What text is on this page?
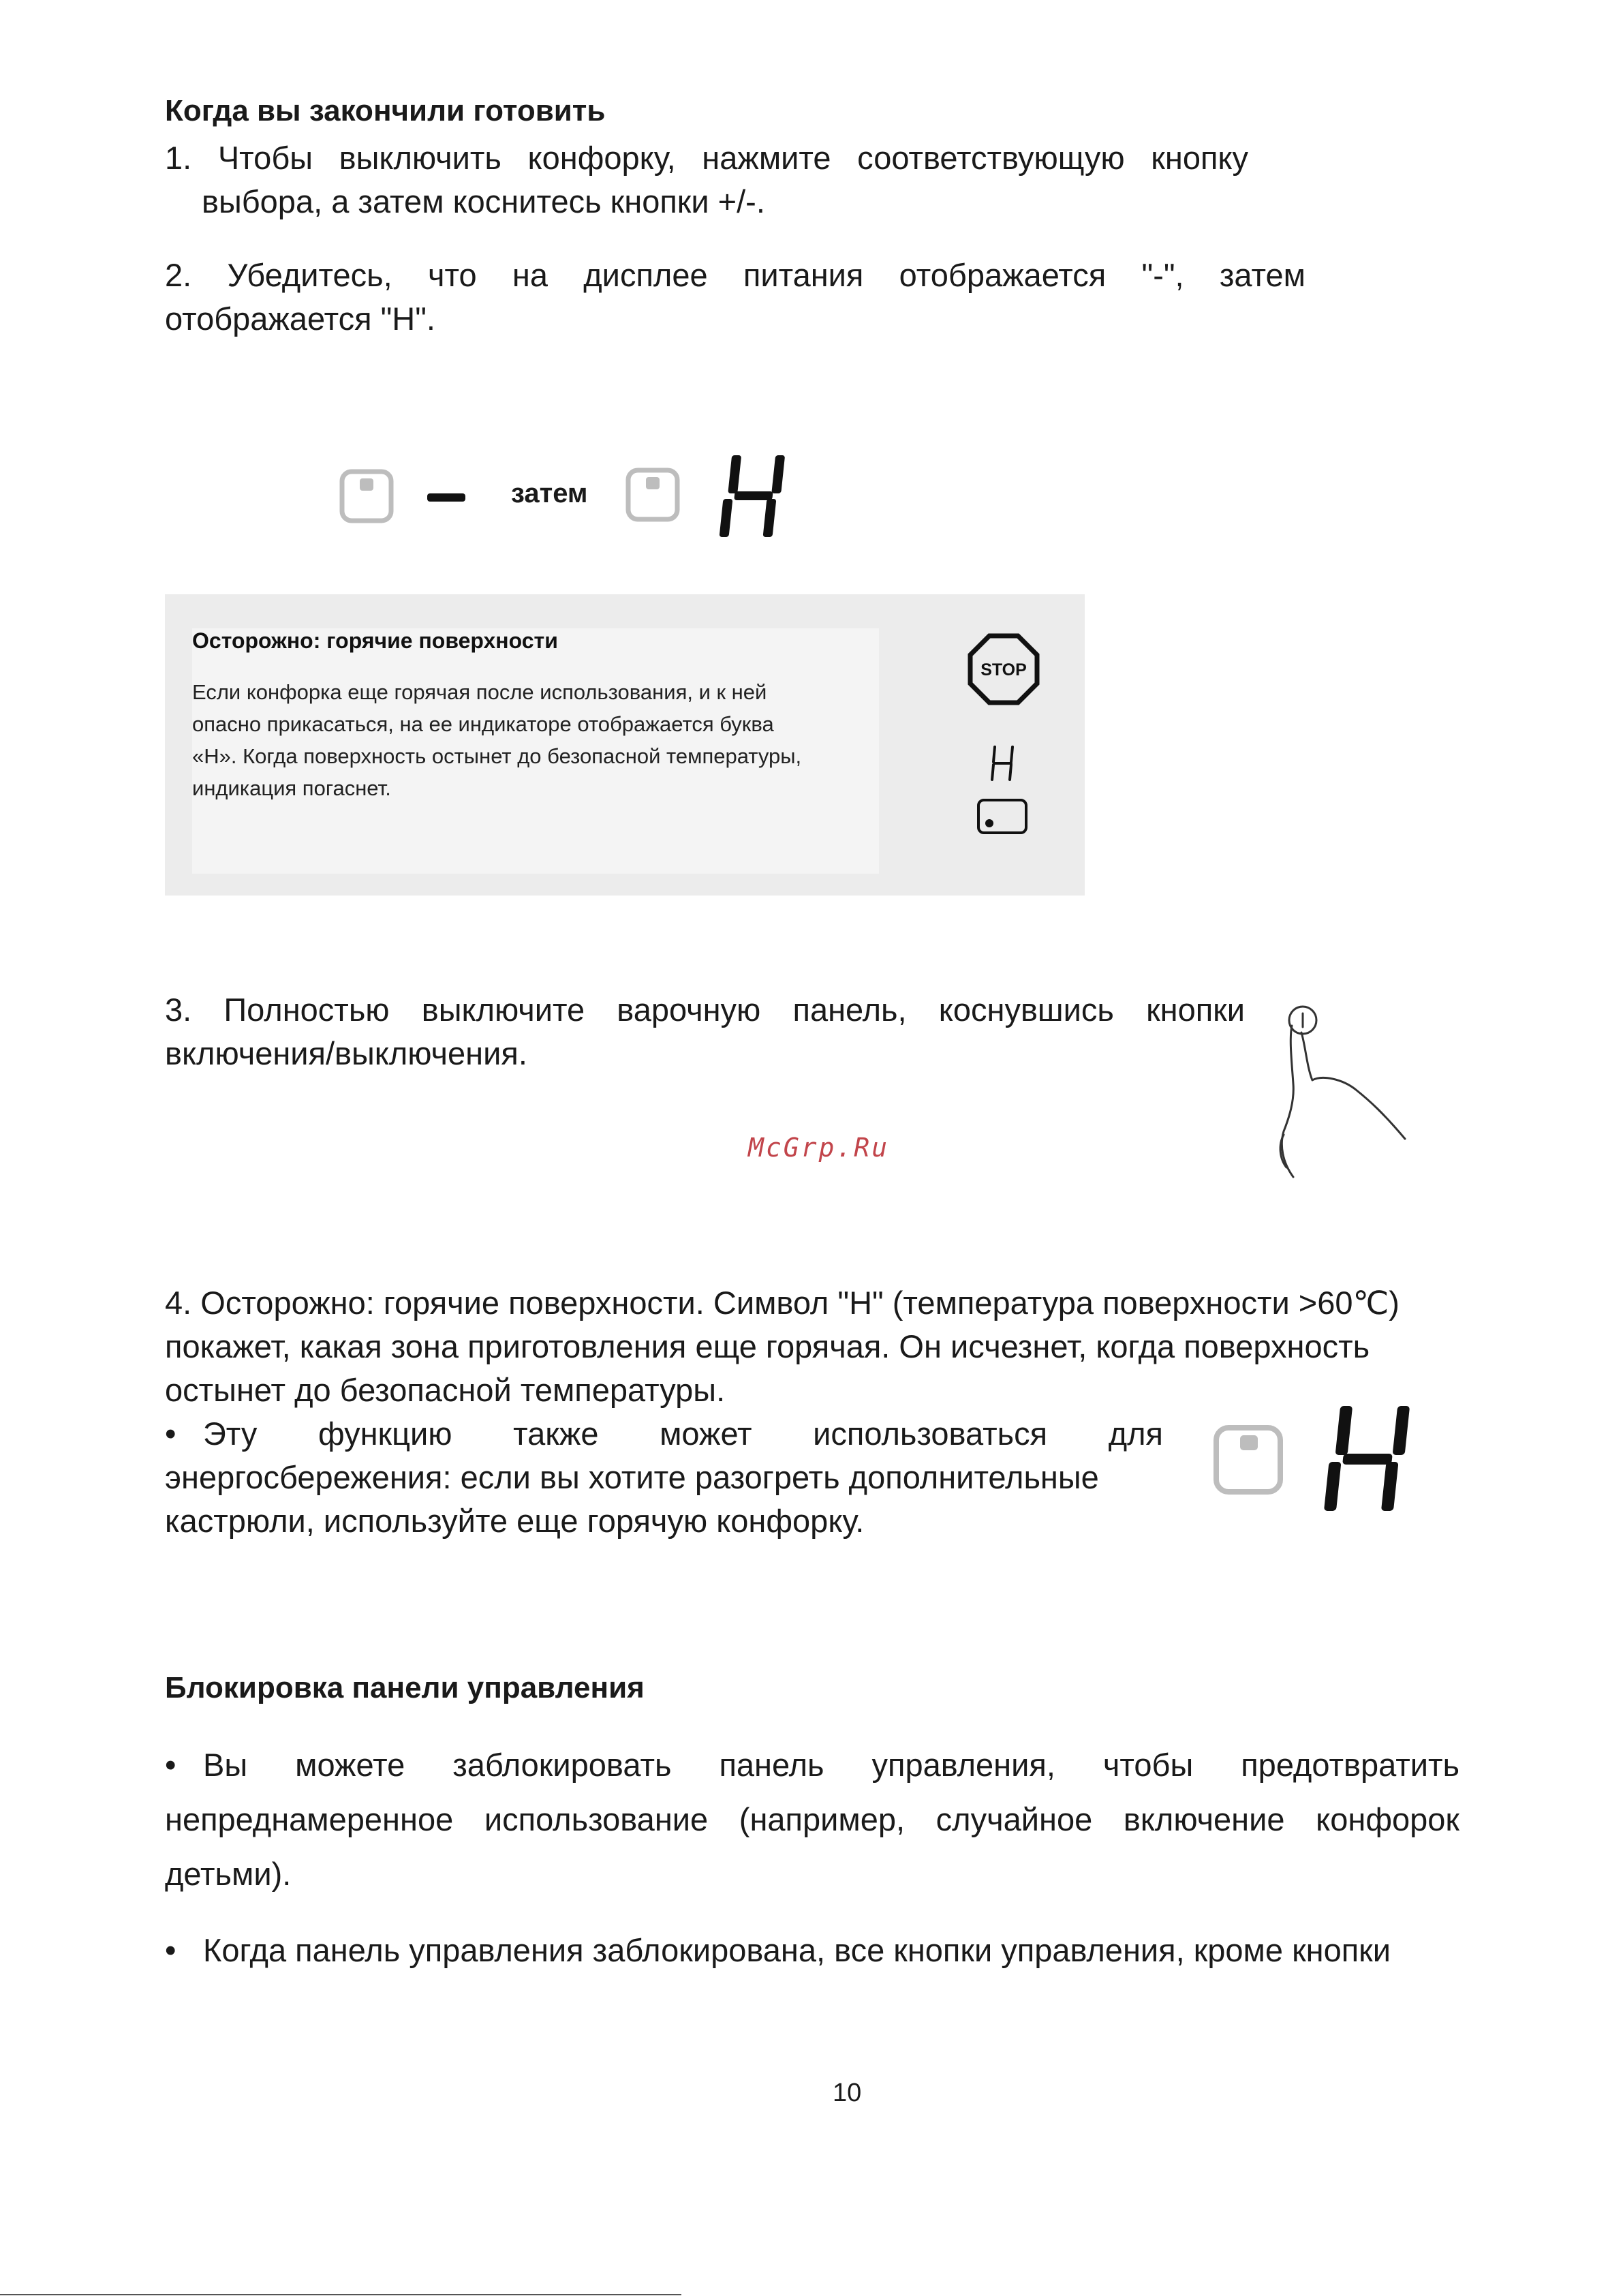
Когда вы закончили готовить
1. Чтобы выключить конфорку, нажмите соответствующую кнопку
выбора, а затем коснитесь кнопки +/-.
2. Убедитесь, что на дисплее питания отображается "-", затем
отображается "H".
затем
Осторожно: горячие поверхности
Если конфорка еще горячая после использования, и к ней
опасно прикасаться, на ее индикаторе отображается буква
«Н». Когда поверхность остынет до безопасной температуры,
индикация погаснет.
STOP
3. Полностью выключите варочную панель, коснувшись кнопки
включения/выключения.
McGrp.Ru
4. Осторожно: горячие поверхности. Символ "H" (температура поверхности >60℃)
покажет, какая зона приготовления еще горячая. Он исчезнет, когда поверхность
остынет до безопасной температуры.
• Эту функцию также может использоваться для
энергосбережения: если вы хотите разогреть дополнительные
кастрюли, используйте еще горячую конфорку.
Блокировка панели управления
• Вы можете заблокировать панель управления, чтобы предотвратить
непреднамеренное использование (например, случайное включение конфорок
детьми).
• Когда панель управления заблокирована, все кнопки управления, кроме кнопки
10
